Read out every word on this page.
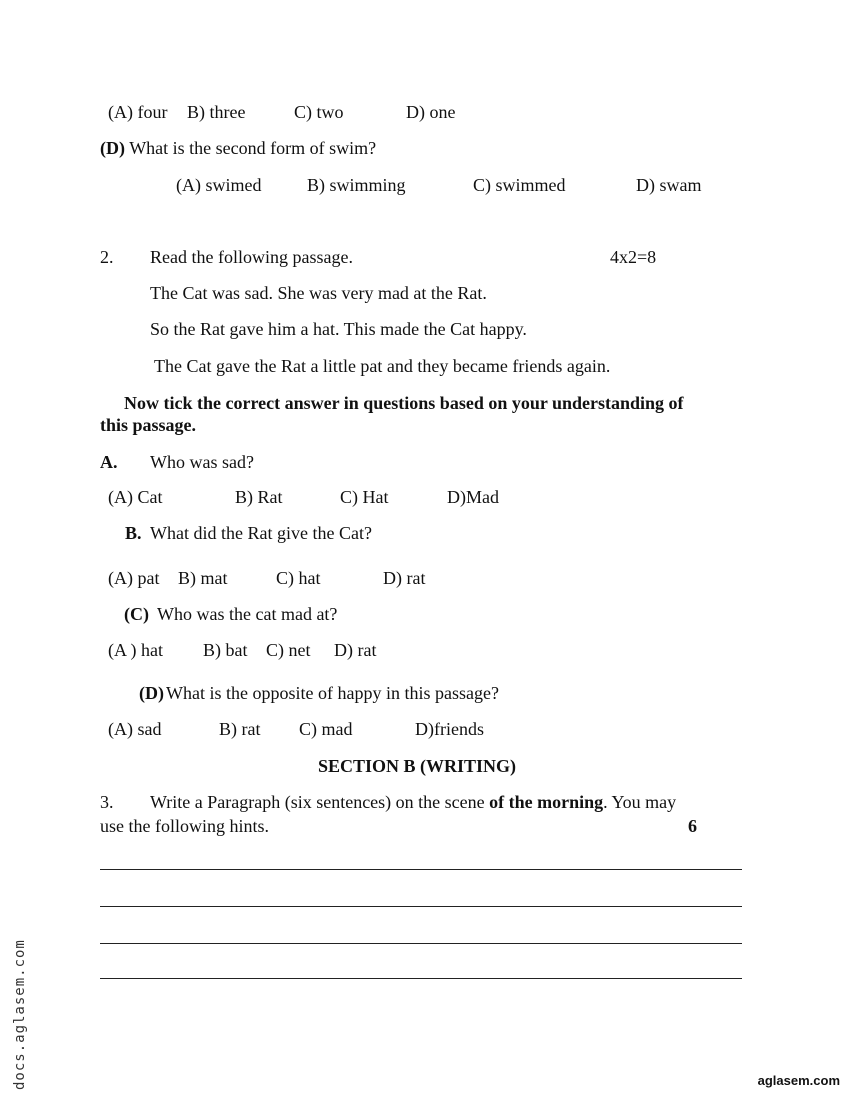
(A) four B) three	C) two	D) one
(D) What is the second form of swim?
(A) swimed	B) swimming	C) swimmed	D) swam
2. Read the following passage.	4x2=8
The Cat was sad. She was very mad at the Rat.
So the Rat gave him a hat. This made the Cat happy.
The Cat gave the Rat a little pat and they became friends again.
Now tick the correct answer in questions based on your understanding of
this passage.
A. Who was sad?
(A) Cat	B) Rat	C) Hat	D)Mad
B. What did the Rat give the Cat?
(A) pat B) mat	C) hat	D) rat
(C) Who was the cat mad at?
(A ) hat B) bat C) net D) rat
(D) What is the opposite of happy in this passage?
(A) sad	B) rat C) mad	D)friends
SECTION B (WRITING)
3. Write a Paragraph (six sentences) on the scene of the morning. You may
use the following hints.	6
docs.aglasem.com	aglasem.com
